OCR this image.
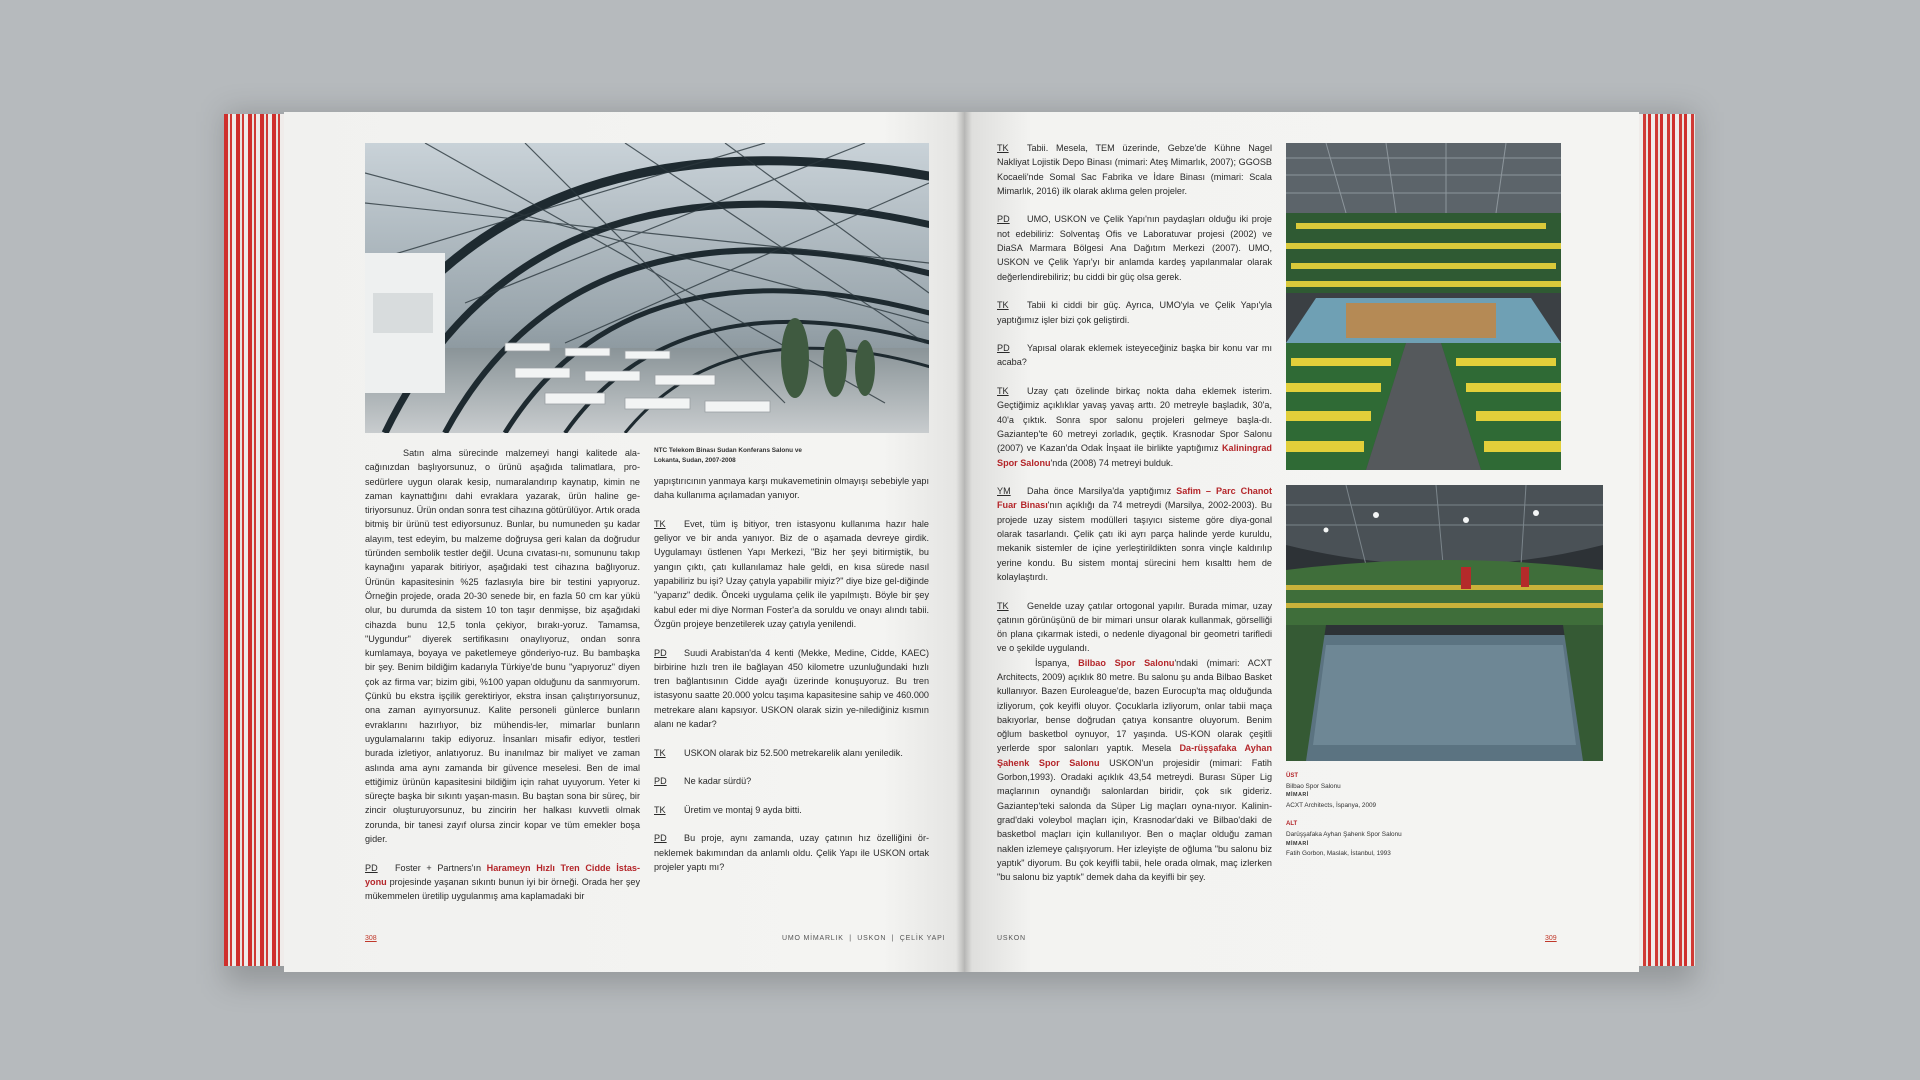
NTC Telekom Binası Sudan Konferans Salonu ve Lokanta, Sudan, 2007-2008

Satın alma sürecinde malzemeyi hangi kalitede ala-cağınızdan başlıyorsunuz, o ürünü aşağıda talimatlara, pro-sedürlere uygun olarak kesip, numaralandırıp kaynatıp, kimin ne zaman kaynattığını dahi evraklara yazarak, ürün haline ge-tiriyorsunuz. Ürün ondan sonra test cihazına götürülüyor. Artık orada bitmiş bir ürünü test ediyorsunuz. Bunlar, bu numuneden şu kadar alayım, test edeyim, bu malzeme doğruysa geri kalan da doğrudur türünden sembolik testler değil. Ucuna cıvatası-nı, somununu takıp kaynağını yaparak bitiriyor, aşağıdaki test cihazına bağlıyoruz. Ürünün kapasitesinin %25 fazlasıyla bire bir testini yapıyoruz. Örneğin projede, orada 20-30 senede bir, en fazla 50 cm kar yükü olur, bu durumda da sistem 10 ton taşır denmişse, biz aşağıdaki cihazda bunu 12,5 tonla çekiyor, bırakı-yoruz. Tamamsa, "Uygundur" diyerek sertifikasını onaylıyoruz, ondan sonra kumlamaya, boyaya ve paketlemeye gönderiyo-ruz. Bu bambaşka bir şey. Benim bildiğim kadarıyla Türkiye'de bunu "yapıyoruz" diyen çok az firma var; bizim gibi, %100 yapan olduğunu da sanmıyorum. Çünkü bu ekstra işçilik gerektiriyor, ekstra insan çalıştırıyorsunuz, ona zaman ayırıyorsunuz. Kalite personeli günlerce bunların evraklarını hazırlıyor, biz mühendis-ler, mimarlar bunların uygulamalarını takip ediyoruz. İnsanları misafir ediyor, testleri burada izletiyor, anlatıyoruz. Bu inanılmaz bir maliyet ve zaman aslında ama aynı zamanda bir güvence meselesi. Ben de imal ettiğimiz ürünün kapasitesini bildiğim için rahat uyuyorum. Yeter ki süreçte başka bir sıkıntı yaşan-masın. Bu baştan sona bir süreç, bir zincir oluşturuyorsunuz, bu zincirin her halkası kuvvetli olmak zorunda, bir tanesi zayıf olursa zincir kopar ve tüm emekler boşa gider.

PD Foster + Partners'ın Harameyn Hızlı Tren Cidde İstas-yonu projesinde yaşanan sıkıntı bunun iyi bir örneği. Orada her şey mükemmelen üretilip uygulanmış ama kaplamadaki bir

yapıştırıcının yanmaya karşı mukavemetinin olmayışı sebebiyle yapı daha kullanıma açılamadan yanıyor.

TK Evet, tüm iş bitiyor, tren istasyonu kullanıma hazır hale geliyor ve bir anda yanıyor. Biz de o aşamada devreye girdik. Uygulamayı üstlenen Yapı Merkezi, "Biz her şeyi bitirmiştik, bu yangın çıktı, çatı kullanılamaz hale geldi, en kısa sürede nasıl yapabiliriz bu işi? Uzay çatıyla yapabilir miyiz?" diye bize gel-diğinde "yaparız" dedik. Önceki uygulama çelik ile yapılmıştı. Böyle bir şey kabul eder mi diye Norman Foster'a da soruldu ve onayı alındı tabii. Özgün projeye benzetilerek uzay çatıyla yenilendi.

PD Suudi Arabistan'da 4 kenti (Mekke, Medine, Cidde, KAEC) birbirine hızlı tren ile bağlayan 450 kilometre uzunluğundaki hızlı tren bağlantısının Cidde ayağı üzerinde konuşuyoruz. Bu tren istasyonu saatte 20.000 yolcu taşıma kapasitesine sahip ve 460.000 metrekare alanı kapsıyor. USKON olarak sizin ye-nilediğiniz kısmın alanı ne kadar?

TK USKON olarak biz 52.500 metrekarelik alanı yeniledik.

PD Ne kadar sürdü?

TK Üretim ve montaj 9 ayda bitti.

PD Bu proje, aynı zamanda, uzay çatının hız özelliğini ör-neklemek bakımından da anlamlı oldu. Çelik Yapı ile USKON ortak projeler yaptı mı?

308	UMO MİMARLIK  |  USKON  |  ÇELİK YAPI

TK Tabii. Mesela, TEM üzerinde, Gebze'de Kühne Nagel Nakliyat Lojistik Depo Binası (mimari: Ateş Mimarlık, 2007); GGOSB Kocaeli'nde Somal Sac Fabrika ve İdare Binası (mimari: Scala Mimarlık, 2016) ilk olarak aklıma gelen projeler.

PD UMO, USKON ve Çelik Yapı'nın paydaşları olduğu iki proje not edebiliriz: Solventaş Ofis ve Laboratuvar projesi (2002) ve DiaSA Marmara Bölgesi Ana Dağıtım Merkezi (2007). UMO, USKON ve Çelik Yapı'yı bir anlamda kardeş yapılanmalar olarak değerlendirebiliriz; bu ciddi bir güç olsa gerek.

TK Tabii ki ciddi bir güç. Ayrıca, UMO'yla ve Çelik Yapı'yla yaptığımız işler bizi çok geliştirdi.

PD Yapısal olarak eklemek isteyeceğiniz başka bir konu var mı acaba?

TK Uzay çatı özelinde birkaç nokta daha eklemek isterim. Geçtiğimiz açıklıklar yavaş yavaş arttı. 20 metreyle başladık, 30'a, 40'a çıktık. Sonra spor salonu projeleri gelmeye başla-dı. Gaziantep'te 60 metreyi zorladık, geçtik. Krasnodar Spor Salonu (2007) ve Kazan'da Odak İnşaat ile birlikte yaptığımız Kaliningrad Spor Salonu'nda (2008) 74 metreyi bulduk.

YM Daha önce Marsilya'da yaptığımız Safim – Parc Chanot Fuar Binası'nın açıklığı da 74 metreydi (Marsilya, 2002-2003). Bu projede uzay sistem modülleri taşıyıcı sisteme göre diya-gonal olarak tasarlandı. Çelik çatı iki ayrı parça halinde yerde kuruldu, mekanik sistemler de içine yerleştirildikten sonra vinçle kaldırılıp yerine kondu. Bu sistem montaj sürecini hem kısalttı hem de kolaylaştırdı.

TK Genelde uzay çatılar ortogonal yapılır. Burada mimar, uzay çatının görünüşünü de bir mimari unsur olarak kullanmak, görselliği ön plana çıkarmak istedi, o nedenle diyagonal bir geometri tarifledi ve o şekilde uygulandı.

İspanya, Bilbao Spor Salonu'ndaki (mimari: ACXT Architects, 2009) açıklık 80 metre. Bu salonu şu anda Bilbao Basket kullanıyor. Bazen Euroleague'de, bazen Eurocup'ta maç olduğunda izliyorum, çok keyifli oluyor. Çocuklarla izliyorum, onlar tabii maça bakıyorlar, bense doğrudan çatıya konsantre oluyorum. Benim oğlum basketbol oynuyor, 17 yaşında. US-KON olarak çeşitli yerlerde spor salonları yaptık. Mesela Da-rüşşafaka Ayhan Şahenk Spor Salonu USKON'un projesidir (mimari: Fatih Gorbon,1993). Oradaki açıklık 43,54 metreydi. Burası Süper Lig maçlarının oynandığı salonlardan biridir, çok sık gideriz. Gaziantep'teki salonda da Süper Lig maçları oyna-nıyor. Kaliningrad'daki voleybol maçları için, Krasnodar'daki ve Bilbao'daki de basketbol maçları için kullanılıyor. Ben o maçlar olduğu zaman naklen izlemeye çalışıyorum. Her izleyişte de oğluma "bu salonu biz yaptık" diyorum. Bu çok keyifli tabii, hele orada olmak, maç izlerken "bu salonu biz yaptık" demek daha da keyifli bir şey.

ÜST
Bilbao Spor Salonu
MİMARİ
ACXT Architects, İspanya, 2009
ALT
Darüşşafaka Ayhan Şahenk Spor Salonu
MİMARİ
Fatih Gorbon, Maslak, İstanbul, 1993
USKON	309
